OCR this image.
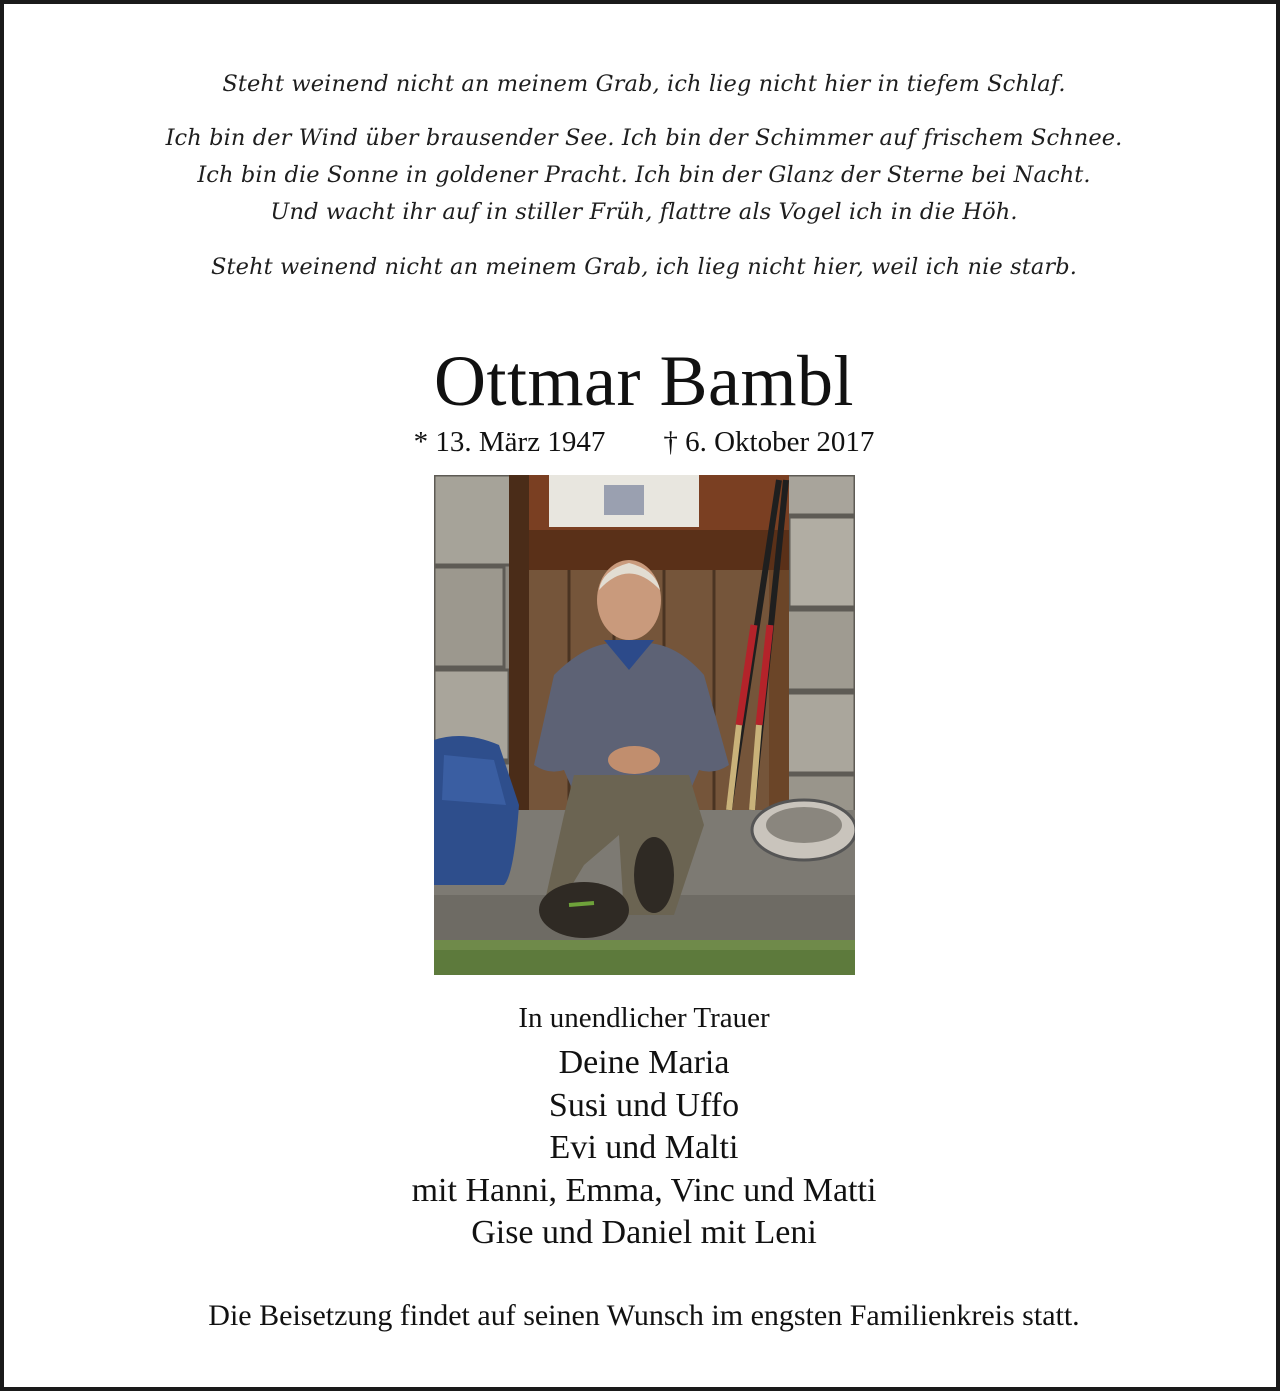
Steht weinend nicht an meinem Grab, ich lieg nicht hier in tiefem Schlaf.
Ich bin der Wind über brausender See. Ich bin der Schimmer auf frischem Schnee.
Ich bin die Sonne in goldener Pracht. Ich bin der Glanz der Sterne bei Nacht.
Und wacht ihr auf in stiller Früh, flattre als Vogel ich in die Höh.
Steht weinend nicht an meinem Grab, ich lieg nicht hier, weil ich nie starb.
Ottmar Bambl
* 13. März 1947 † 6. Oktober 2017
In unendlicher Trauer
Deine Maria
Susi und Uffo
Evi und Malti
mit Hanni, Emma, Vinc und Matti
Gise und Daniel mit Leni
Die Beisetzung findet auf seinen Wunsch im engsten Familienkreis statt.
